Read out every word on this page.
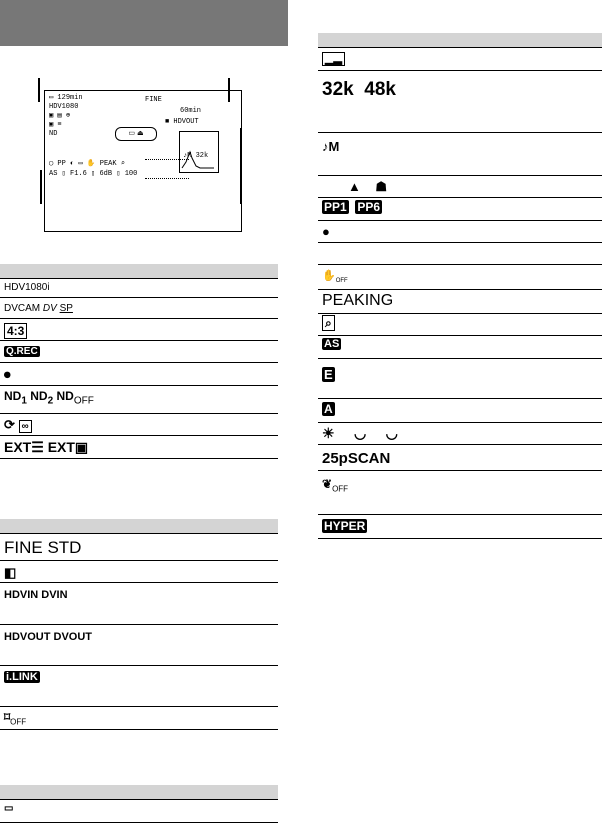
▭ 129min
HDV1080
▣ ▤ ⊕
▣ ≡
ND
FINE
60min
■ HDVOUT
▭ ⏏
♪M 32k
◯ PP ◐ ▭ ✋ PEAK ⌕
AS ▯ F1.6 ▯ 6dB ▯ 100
HDV1080i
DVCAM DV SP
4:3
Q.REC
⏺
$ND_1$ $ND_2$ $ND_{OFF}$
⟳ ∞
EXT☰ EXT▣
FINE STD
◧
HDVIN DVIN
HDVOUT DVOUT
i.LINK
$⌑_{OFF}$
▭
▁▂
32k 48k
♪M
▲    ☗
PP1 PP6
●
$✋_{OFF}$
PEAKING
⌕
AS
E
A
☀     ◡     ◡
25pSCAN
$❦_{OFF}$
HYPER
